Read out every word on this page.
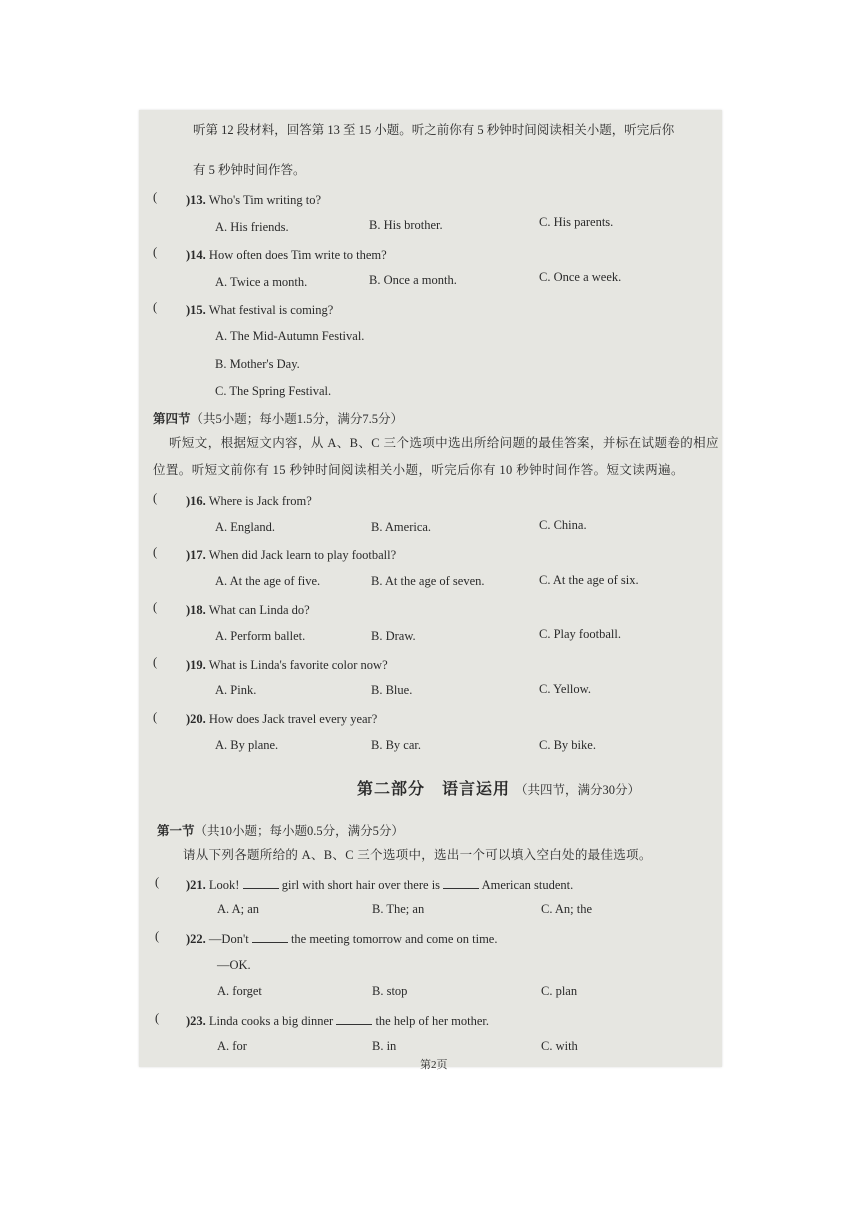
听第 12 段材料，回答第 13 至 15 小题。听之前你有 5 秒钟时间阅读相关小题，听完后你
有 5 秒钟时间作答。
( )13. Who's Tim writing to?
A. His friends.	B. His brother.	C. His parents.
( )14. How often does Tim write to them?
A. Twice a month.	B. Once a month.	C. Once a week.
( )15. What festival is coming?
A. The Mid-Autumn Festival.
B. Mother's Day.
C. The Spring Festival.
第四节（共5小题；每小题1.5分，满分7.5分）
听短文，根据短文内容，从 A、B、C 三个选项中选出所给问题的最佳答案，并标在试题卷的相应
位置。听短文前你有 15 秒钟时间阅读相关小题，听完后你有 10 秒钟时间作答。短文读两遍。
( )16. Where is Jack from?
A. England.	B. America.	C. China.
( )17. When did Jack learn to play football?
A. At the age of five.	B. At the age of seven.	C. At the age of six.
( )18. What can Linda do?
A. Perform ballet.	B. Draw.	C. Play football.
( )19. What is Linda's favorite color now?
A. Pink.	B. Blue.	C. Yellow.
( )20. How does Jack travel every year?
A. By plane.	B. By car.	C. By bike.
第二部分　语言运用 （共四节，满分30分）
第一节（共10小题；每小题0.5分，满分5分）
请从下列各题所给的 A、B、C 三个选项中，选出一个可以填入空白处的最佳选项。
( )21. Look!	girl with short hair over there is	American student.
A. A; an	B. The; an	C. An; the
( )22. —Don't	the meeting tomorrow and come on time.
—OK.
A. forget	B. stop	C. plan
( )23. Linda cooks a big dinner	the help of her mother.
A. for	B. in	C. with
第2页
